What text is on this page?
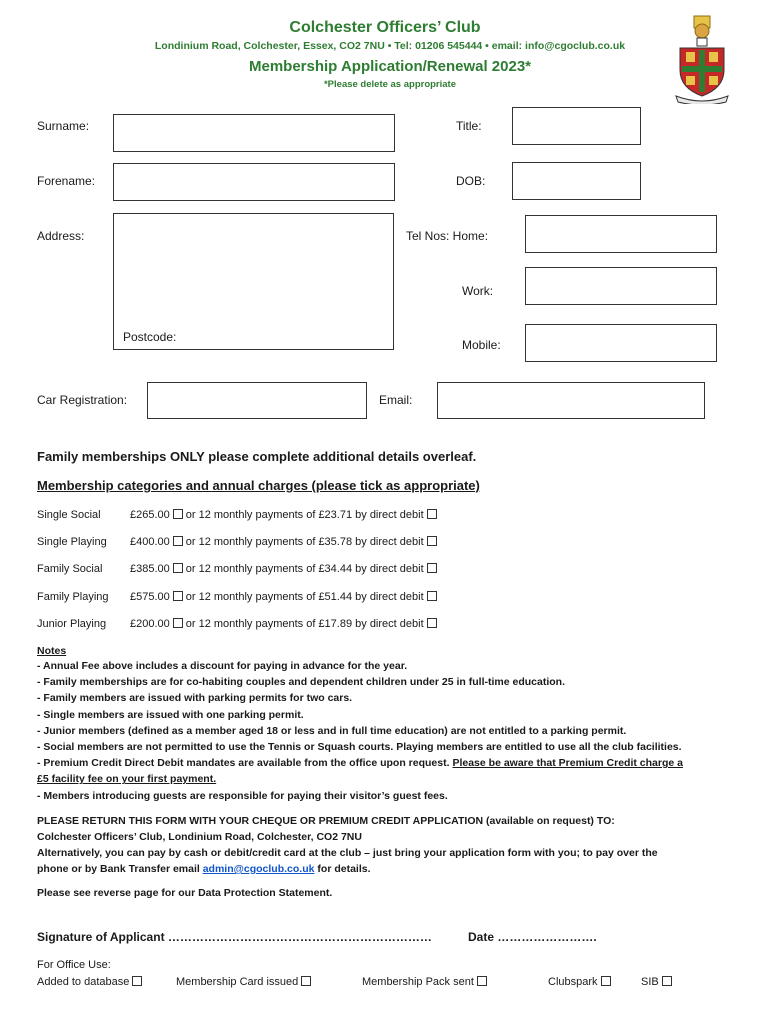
Colchester Officers’ Club
Londinium Road, Colchester, Essex, CO2 7NU • Tel: 01206 545444 • email: info@cgoclub.co.uk
Membership Application/Renewal 2023*
*Please delete as appropriate
Surname:	Title:
Forename:	DOB:
Address:
Postcode:
Tel Nos: Home:
Work:
Mobile:
Car Registration:	Email:
Family memberships ONLY please complete additional details overleaf.
Membership categories and annual charges (please tick as appropriate)
Single Social	£265.00 or 12 monthly payments of £23.71 by direct debit
Single Playing £400.00 or 12 monthly payments of £35.78 by direct debit
Family Social	£385.00 or 12 monthly payments of £34.44 by direct debit
Family Playing £575.00 or 12 monthly payments of £51.44 by direct debit
Junior Playing £200.00 or 12 monthly payments of £17.89 by direct debit
Notes
- Annual Fee above includes a discount for paying in advance for the year.
- Family memberships are for co-habiting couples and dependent children under 25 in full-time education.
- Family members are issued with parking permits for two cars.
- Single members are issued with one parking permit.
- Junior members (defined as a member aged 18 or less and in full time education) are not entitled to a parking permit.
- Social members are not permitted to use the Tennis or Squash courts. Playing members are entitled to use all the club facilities.
- Premium Credit Direct Debit mandates are available from the office upon request. Please be aware that Premium Credit charge a
£5 facility fee on your first payment.
- Members introducing guests are responsible for paying their visitor’s guest fees.
PLEASE RETURN THIS FORM WITH YOUR CHEQUE OR PREMIUM CREDIT APPLICATION (available on request) TO:
Colchester Officers’ Club, Londinium Road, Colchester, CO2 7NU
Alternatively, you can pay by cash or debit/credit card at the club – just bring your application form with you; to pay over the
phone or by Bank Transfer email admin@cgoclub.co.uk for details.
Please see reverse page for our Data Protection Statement.
Signature of Applicant …………………………………………………………	Date …………………….
For Office Use:
Added to database	Membership Card issued	Membership Pack sent	Clubspark	SIB
